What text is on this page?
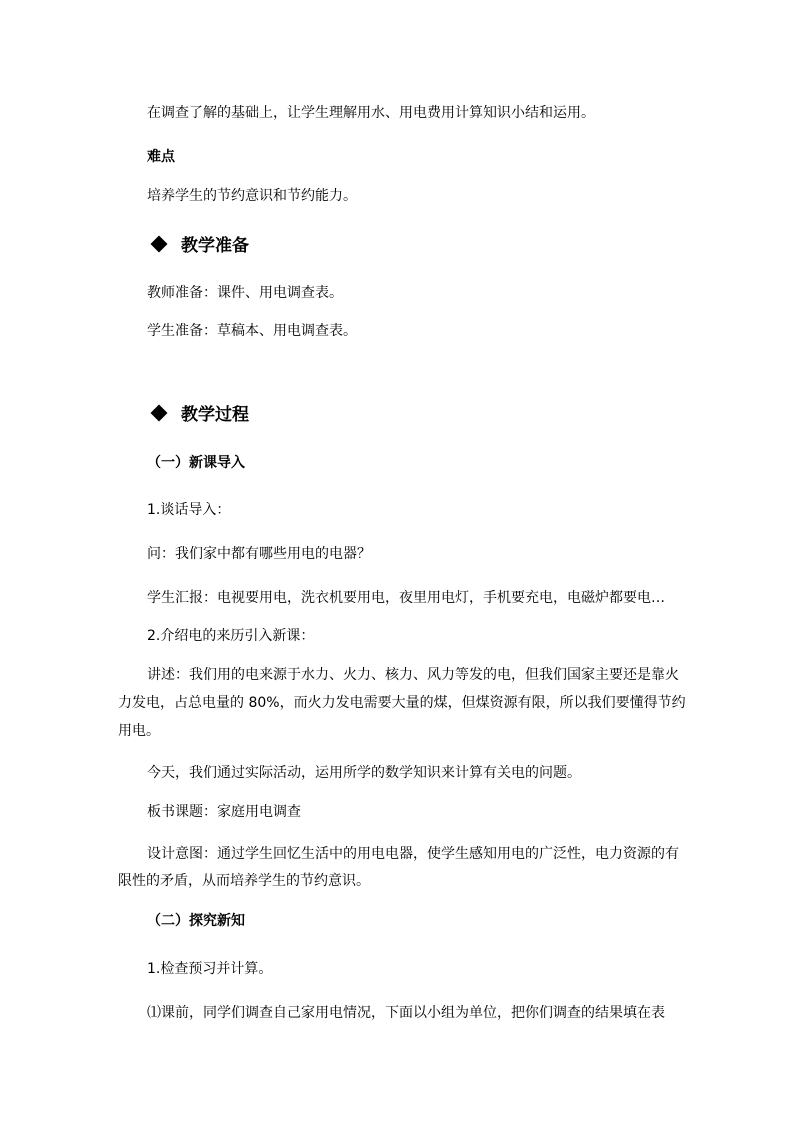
在调查了解的基础上，让学生理解用水、用电费用计算知识小结和运用。
难点
培养学生的节约意识和节约能力。
教学准备
教师准备：课件、用电调查表。
学生准备：草稿本、用电调查表。
教学过程
（一）新课导入
1.谈话导入：
问：我们家中都有哪些用电的电器？
学生汇报：电视要用电，洗衣机要用电，夜里用电灯，手机要充电，电磁炉都要电…
2.介绍电的来历引入新课：
讲述：我们用的电来源于水力、火力、核力、风力等发的电，但我们国家主要还是靠火
力发电，占总电量的 80%，而火力发电需要大量的煤，但煤资源有限，所以我们要懂得节约
用电。
今天，我们通过实际活动，运用所学的数学知识来计算有关电的问题。
板书课题：家庭用电调查
设计意图：通过学生回忆生活中的用电电器，使学生感知用电的广泛性，电力资源的有
限性的矛盾，从而培养学生的节约意识。
（二）探究新知
1.检查预习并计算。
⑴课前，同学们调查自己家用电情况，下面以小组为单位，把你们调查的结果填在表
